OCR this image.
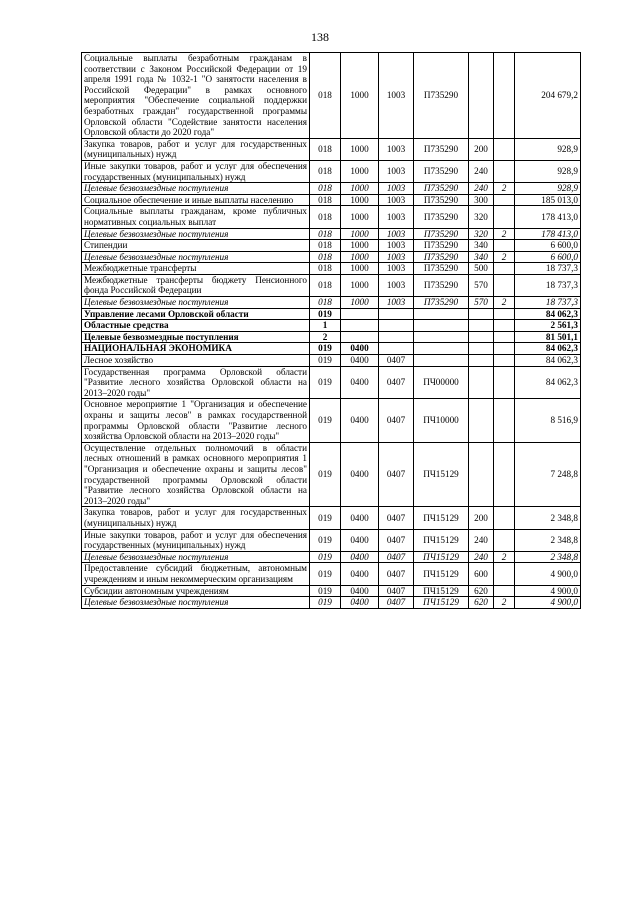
138
Социальные выплаты безработным гражданам в соответствии с Законом Российской Федерации от 19 апреля 1991 года № 1032-1 "О занятости населения в Российской Федерации" в рамках основного мероприятия "Обеспечение социальной поддержки безработных граждан" государственной программы Орловской области "Содействие занятости населения Орловской области до 2020 года"	018	1000	1003	П735290			204 679,2
Закупка товаров, работ и услуг для государственных (муниципальных) нужд	018	1000	1003	П735290	200		928,9
Иные закупки товаров, работ и услуг для обеспечения государственных (муниципальных) нужд	018	1000	1003	П735290	240		928,9
Целевые безвозмездные поступления	018	1000	1003	П735290	240	2	928,9
Социальное обеспечение и иные выплаты населению	018	1000	1003	П735290	300		185 013,0
Социальные выплаты гражданам, кроме публичных нормативных социальных выплат	018	1000	1003	П735290	320		178 413,0
Целевые безвозмездные поступления	018	1000	1003	П735290	320	2	178 413,0
Стипендии	018	1000	1003	П735290	340		6 600,0
Целевые безвозмездные поступления	018	1000	1003	П735290	340	2	6 600,0
Межбюджетные трансферты	018	1000	1003	П735290	500		18 737,3
Межбюджетные трансферты бюджету Пенсионного фонда Российской Федерации	018	1000	1003	П735290	570		18 737,3
Целевые безвозмездные поступления	018	1000	1003	П735290	570	2	18 737,3
Управление лесами Орловской области	019						84 062,3
Областные средства	1						2 561,3
Целевые безвозмездные поступления	2						81 501,1
НАЦИОНАЛЬНАЯ ЭКОНОМИКА	019	0400					84 062,3
Лесное хозяйство	019	0400	0407				84 062,3
Государственная программа Орловской области "Развитие лесного хозяйства Орловской области на 2013–2020 годы"	019	0400	0407	ПЧ00000			84 062,3
Основное мероприятие 1 "Организация и обеспечение охраны и защиты лесов" в рамках государственной программы Орловской области "Развитие лесного хозяйства Орловской области на 2013–2020 годы"	019	0400	0407	ПЧ10000			8 516,9
Осуществление отдельных полномочий в области лесных отношений в рамках основного мероприятия 1 "Организация и обеспечение охраны и защиты лесов" государственной программы Орловской области "Развитие лесного хозяйства Орловской области на 2013–2020 годы"	019	0400	0407	ПЧ15129			7 248,8
Закупка товаров, работ и услуг для государственных (муниципальных) нужд	019	0400	0407	ПЧ15129	200		2 348,8
Иные закупки товаров, работ и услуг для обеспечения государственных (муниципальных) нужд	019	0400	0407	ПЧ15129	240		2 348,8
Целевые безвозмездные поступления	019	0400	0407	ПЧ15129	240	2	2 348,8
Предоставление субсидий бюджетным, автономным учреждениям и иным некоммерческим организациям	019	0400	0407	ПЧ15129	600		4 900,0
Субсидии автономным учреждениям	019	0400	0407	ПЧ15129	620		4 900,0
Целевые безвозмездные поступления	019	0400	0407	ПЧ15129	620	2	4 900,0
